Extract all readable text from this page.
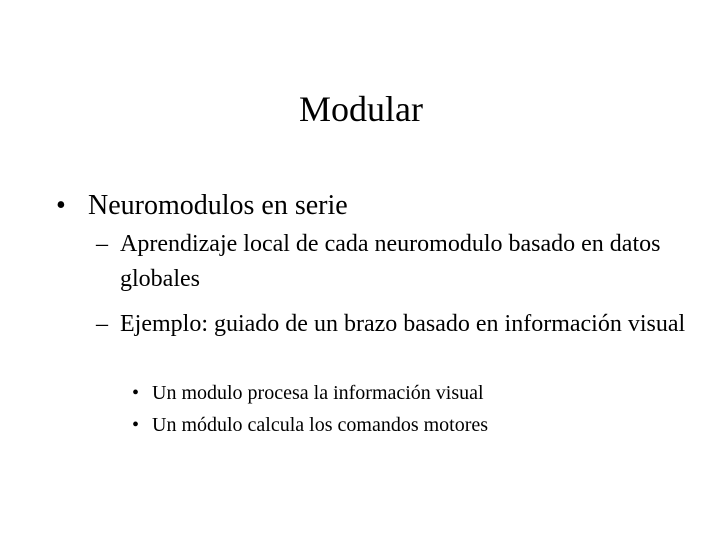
Modular
• Neuromodulos en serie
– Aprendizaje local de cada neuromodulo basado en datos globales
– Ejemplo: guiado de un brazo basado en información visual
• Un modulo procesa la información visual
• Un módulo calcula los comandos motores
